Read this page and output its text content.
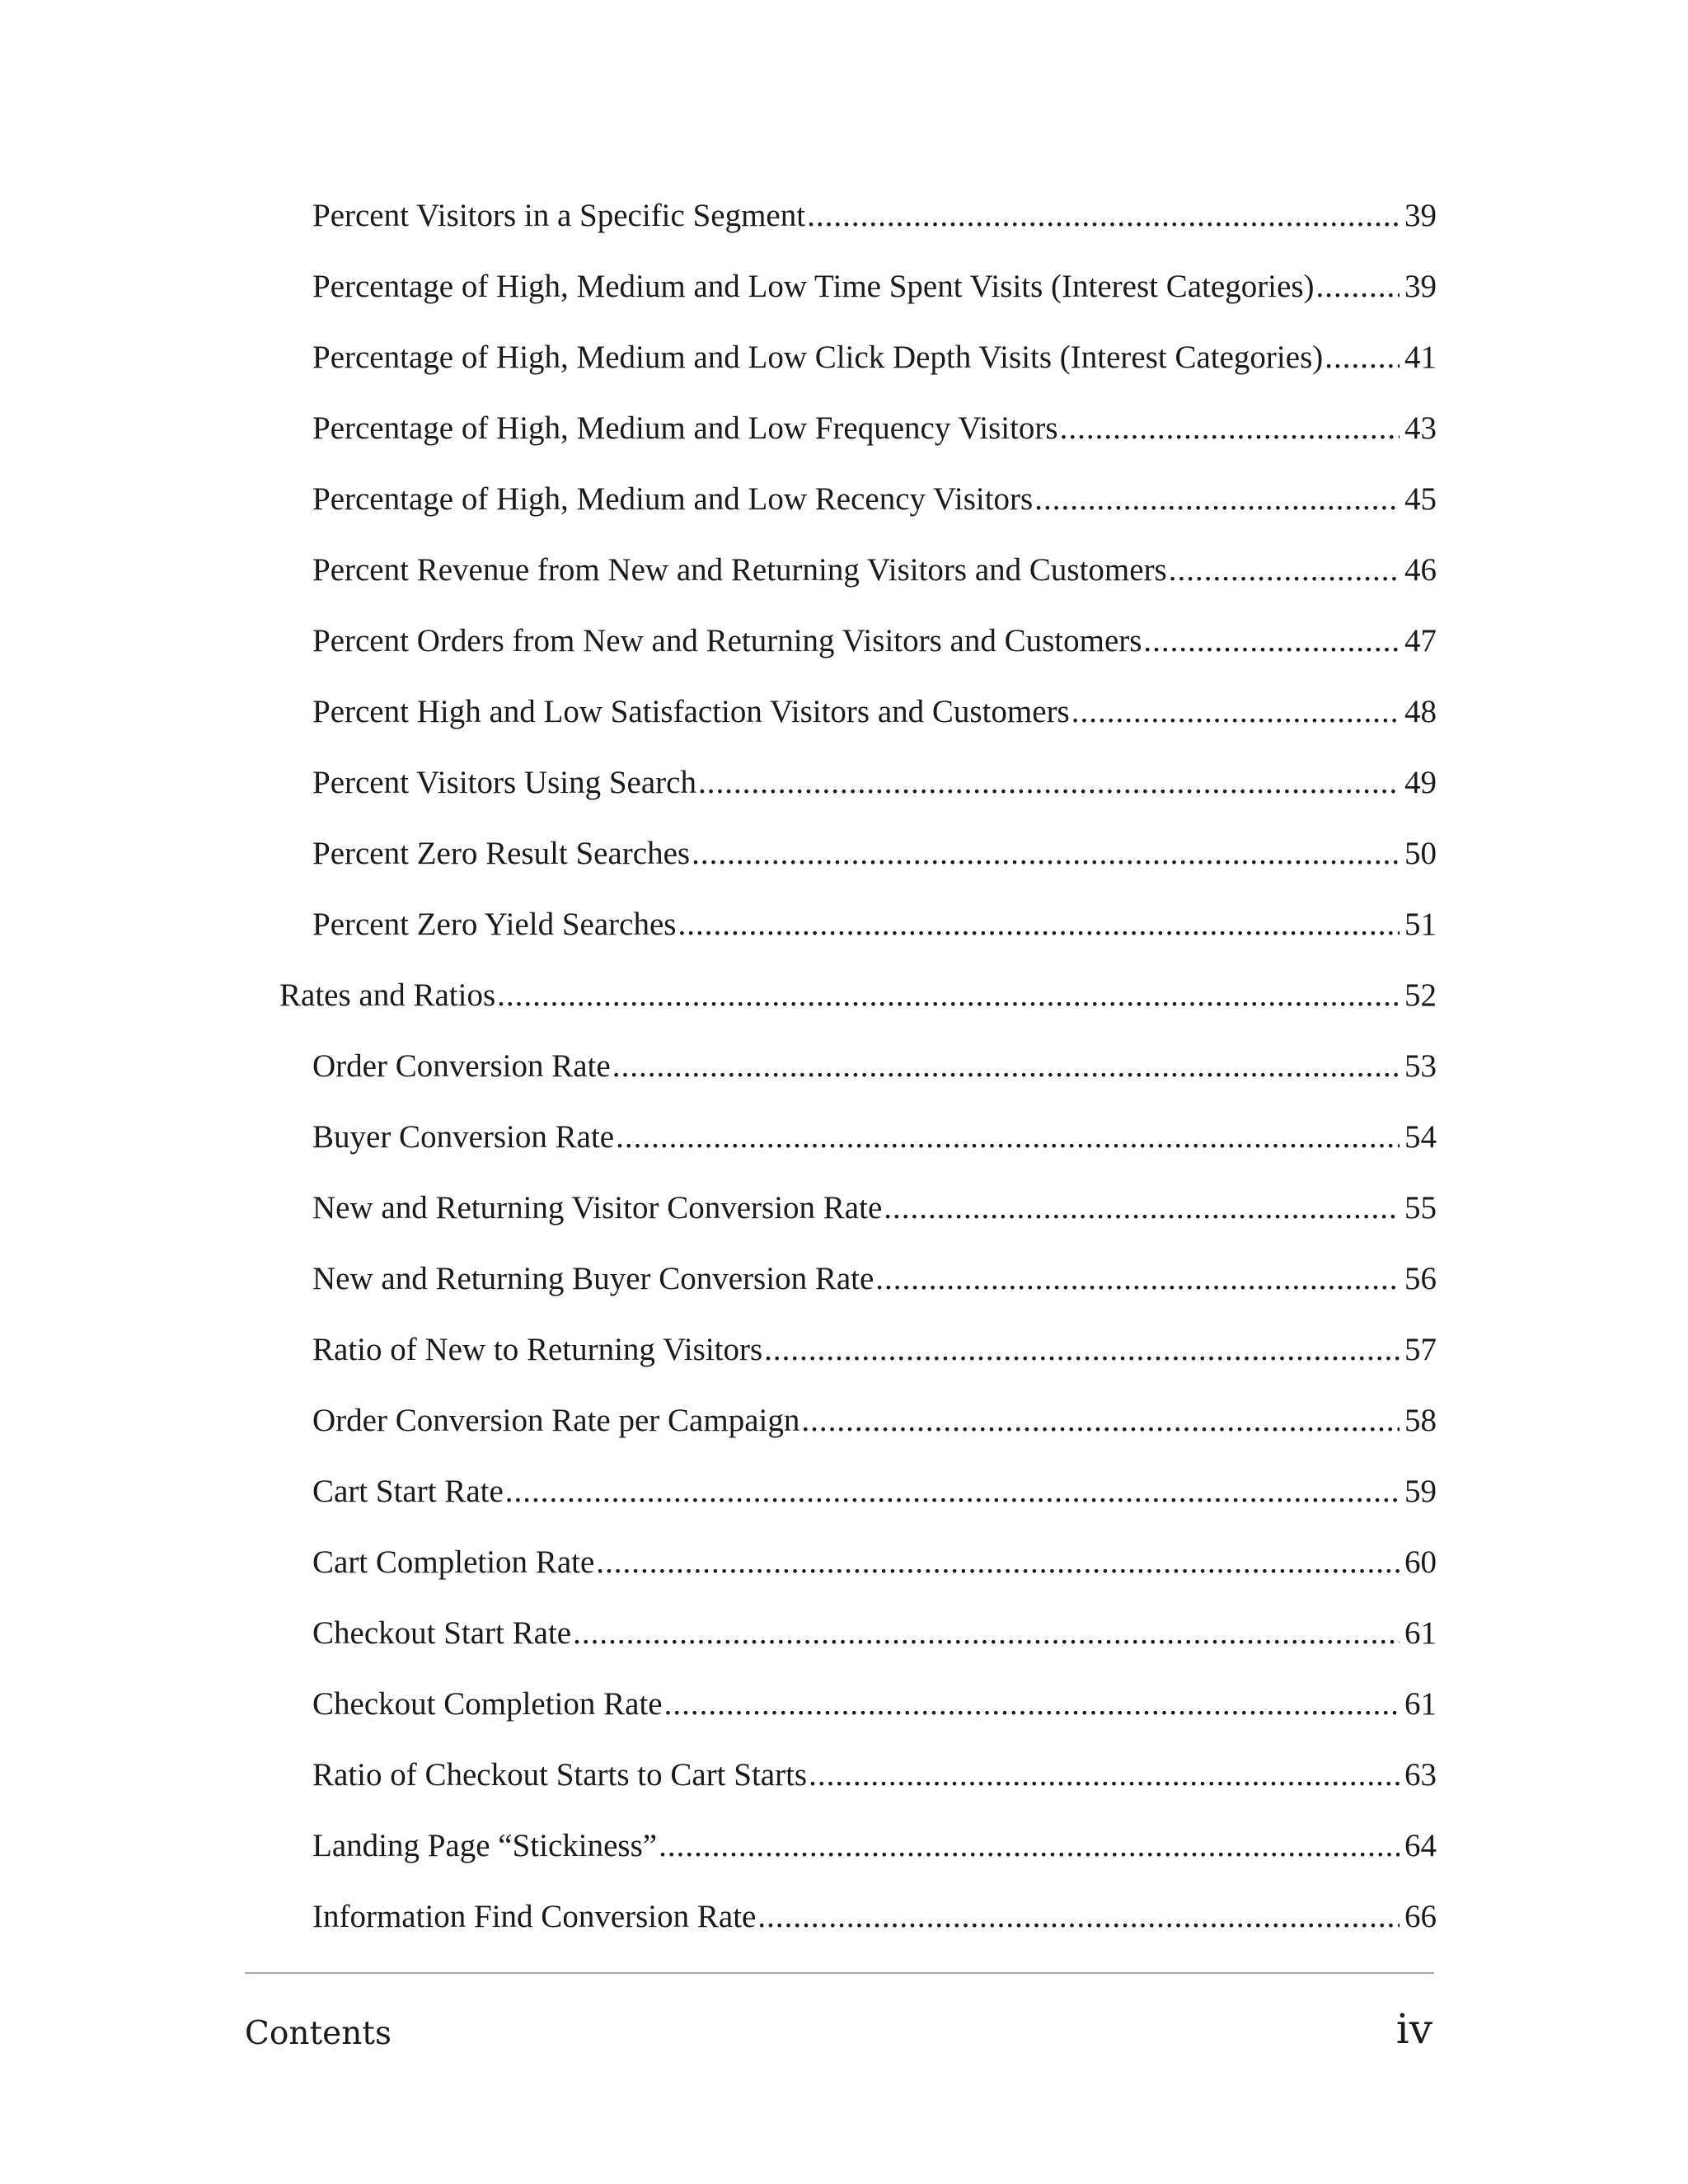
Percent Visitors in a Specific Segment .....	39
Percentage of High, Medium and Low Time Spent Visits (Interest Categories) .....	39
Percentage of High, Medium and Low Click Depth Visits (Interest Categories) .....	41
Percentage of High, Medium and Low Frequency Visitors .....	43
Percentage of High, Medium and Low Recency Visitors .....	45
Percent Revenue from New and Returning Visitors and Customers .....	46
Percent Orders from New and Returning Visitors and Customers .....	47
Percent High and Low Satisfaction Visitors and Customers .....	48
Percent Visitors Using Search .....	49
Percent Zero Result Searches .....	50
Percent Zero Yield Searches .....	51
Rates and Ratios .....	52
Order Conversion Rate .....	53
Buyer Conversion Rate .....	54
New and Returning Visitor Conversion Rate .....	55
New and Returning Buyer Conversion Rate .....	56
Ratio of New to Returning Visitors .....	57
Order Conversion Rate per Campaign .....	58
Cart Start Rate .....	59
Cart Completion Rate .....	60
Checkout Start Rate .....	61
Checkout Completion Rate .....	61
Ratio of Checkout Starts to Cart Starts .....	63
Landing Page “Stickiness” .....	64
Information Find Conversion Rate .....	66
Contents	iv
